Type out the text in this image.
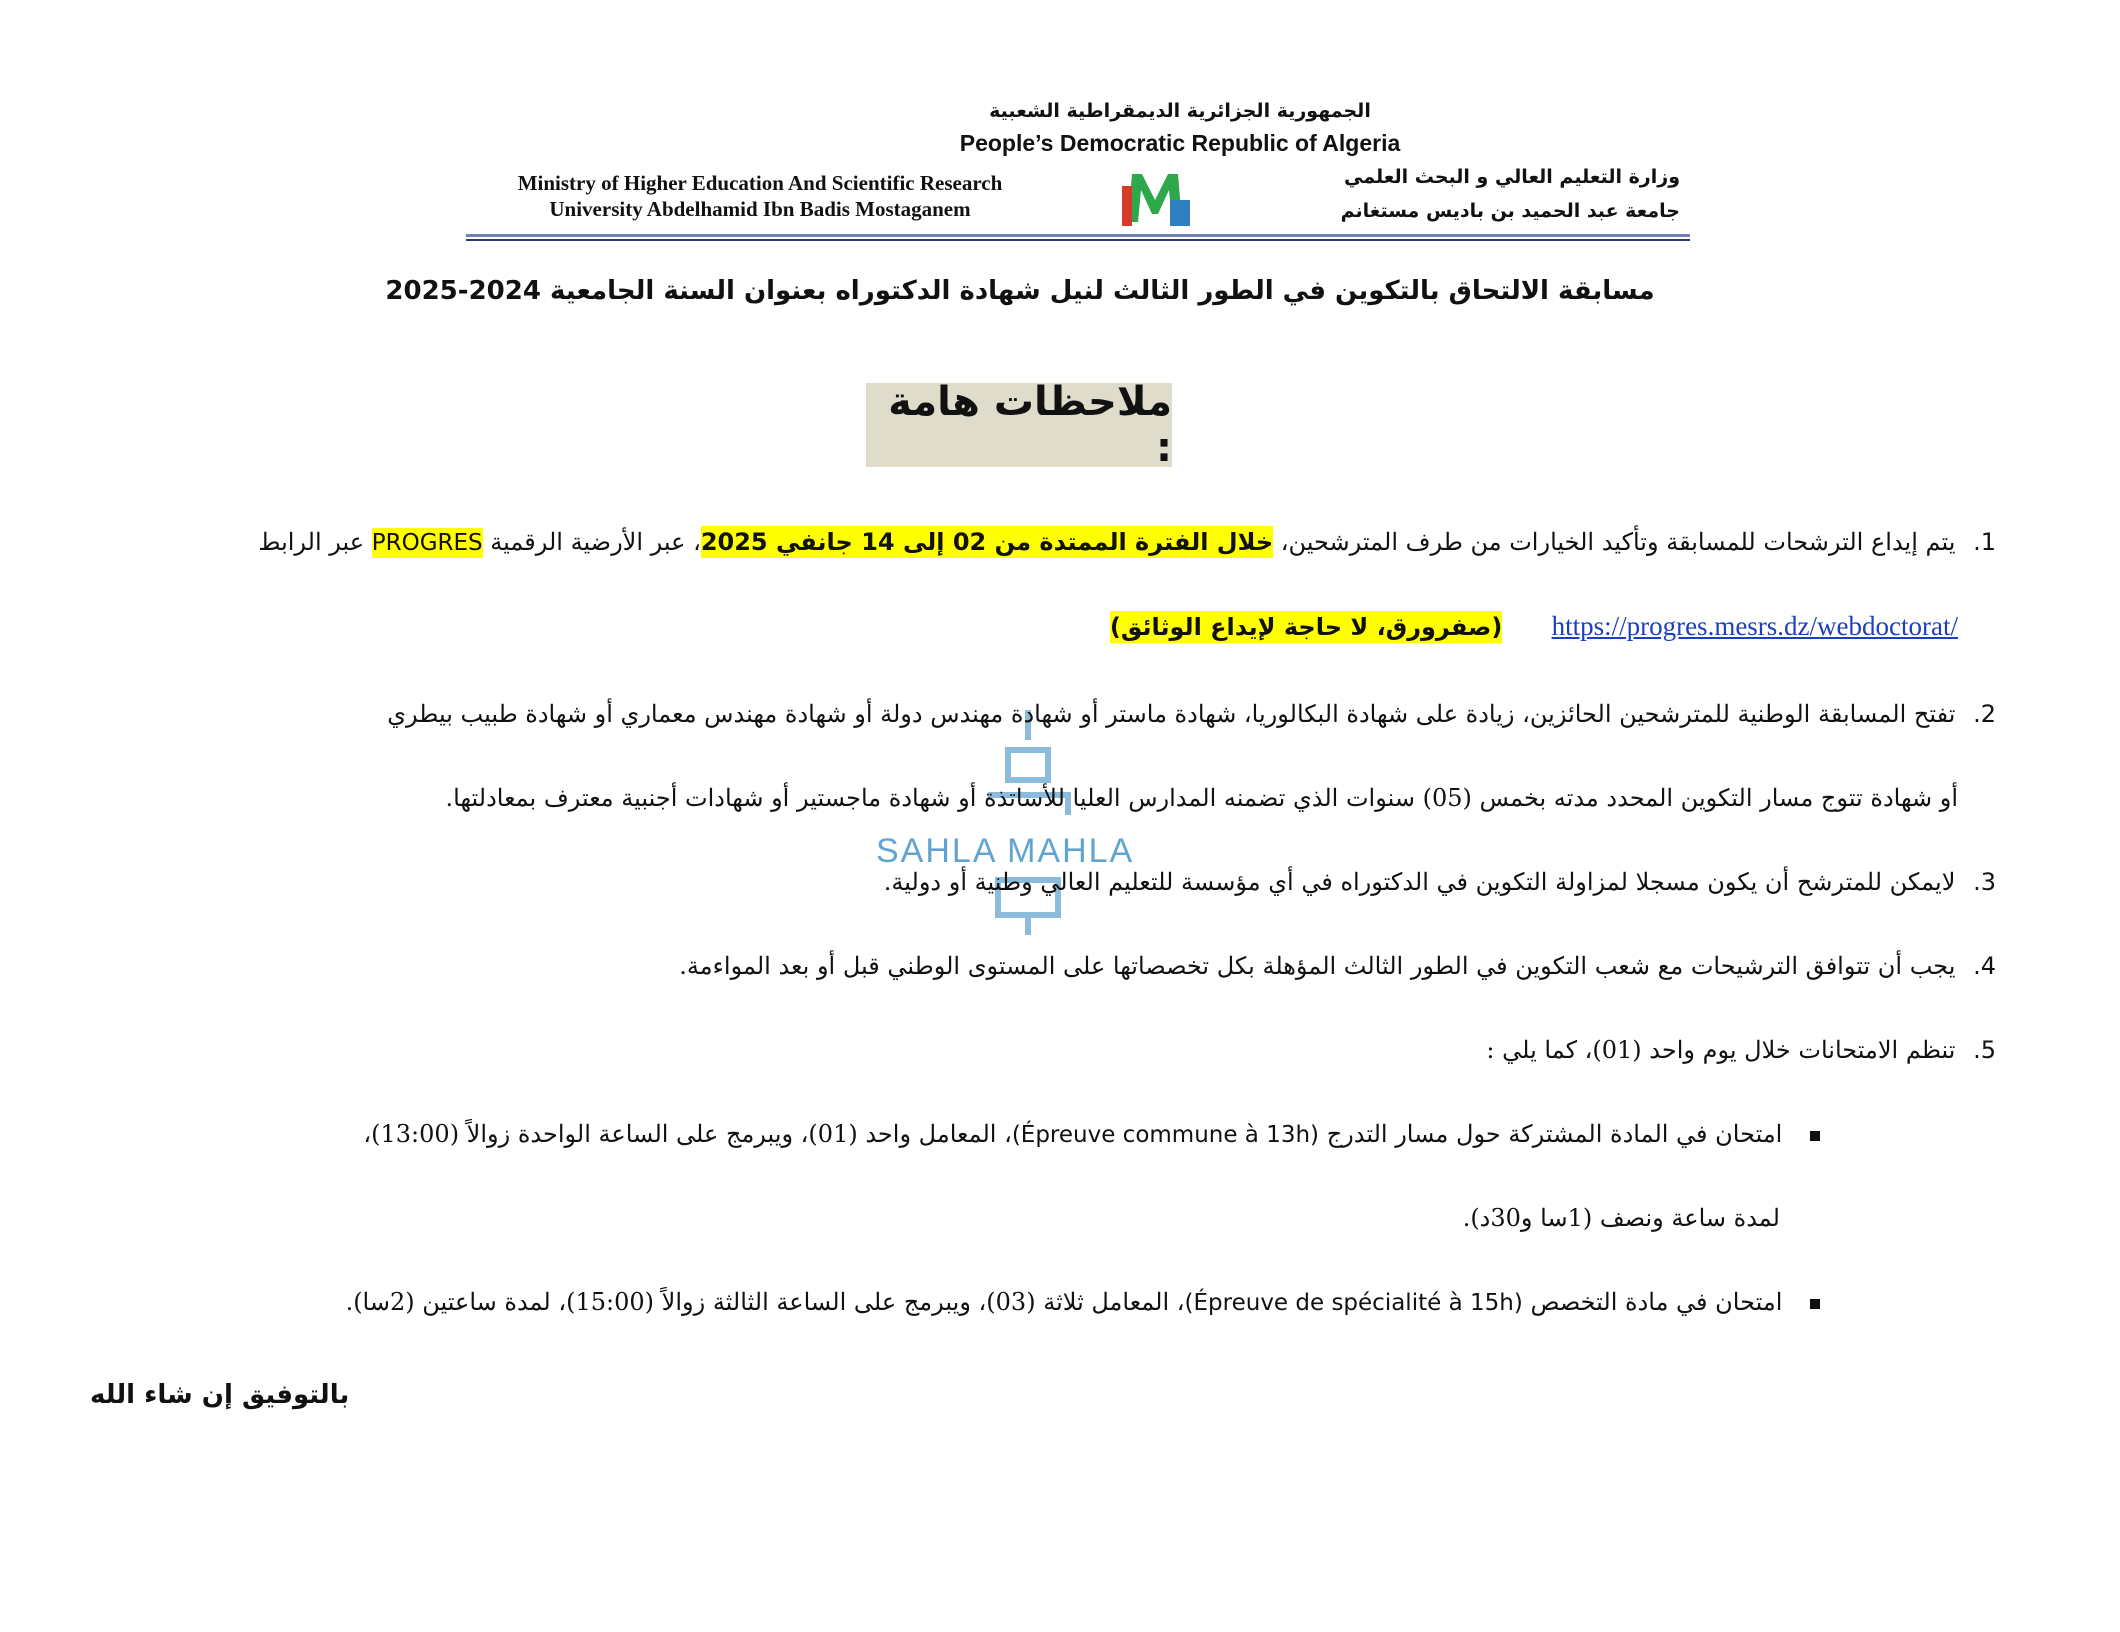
الجمهورية الجزائرية الديمقراطية الشعبية
People’s Democratic Republic of Algeria
Ministry of Higher Education And Scientific Research
University Abdelhamid Ibn Badis Mostaganem
وزارة التعليم العالي و البحث العلمي
جامعة عبد الحميد بن باديس مستغانم
مسابقة الالتحاق بالتكوين في الطور الثالث لنيل شهادة الدكتوراه بعنوان السنة الجامعية 2024-2025
ملاحظات هامة :
SAHLA MAHLA
1. يتم إيداع الترشحات للمسابقة وتأكيد الخيارات من طرف المترشحين، خلال الفترة الممتدة من 02 إلى 14 جانفي 2025، عبر الأرضية الرقمية PROGRES عبر الرابط
https://progres.mesrs.dz/webdoctorat/  (صفرورق، لا حاجة لإيداع الوثائق)
2. تفتح المسابقة الوطنية للمترشحين الحائزين، زيادة على شهادة البكالوريا، شهادة ماستر أو شهادة مهندس دولة أو شهادة مهندس معماري أو شهادة طبيب بيطري
أو شهادة تتوج مسار التكوين المحدد مدته بخمس (05) سنوات الذي تضمنه المدارس العليا للأساتذة أو شهادة ماجستير أو شهادات أجنبية معترف بمعادلتها.
3. لايمكن للمترشح أن يكون مسجلا لمزاولة التكوين في الدكتوراه في أي مؤسسة للتعليم العالي وطنية أو دولية.
4. يجب أن تتوافق الترشيحات مع شعب التكوين في الطور الثالث المؤهلة بكل تخصصاتها على المستوى الوطني قبل أو بعد المواءمة.
5. تنظم الامتحانات خلال يوم واحد (01)، كما يلي :
امتحان في المادة المشتركة حول مسار التدرج (Épreuve commune à 13h)، المعامل واحد (01)، ويبرمج على الساعة الواحدة زوالاً (13:00)،
لمدة ساعة ونصف (1سا و30د).
امتحان في مادة التخصص (Épreuve de spécialité à 15h)، المعامل ثلاثة (03)، ويبرمج على الساعة الثالثة زوالاً (15:00)، لمدة ساعتين (2سا).
بالتوفيق إن شاء الله
